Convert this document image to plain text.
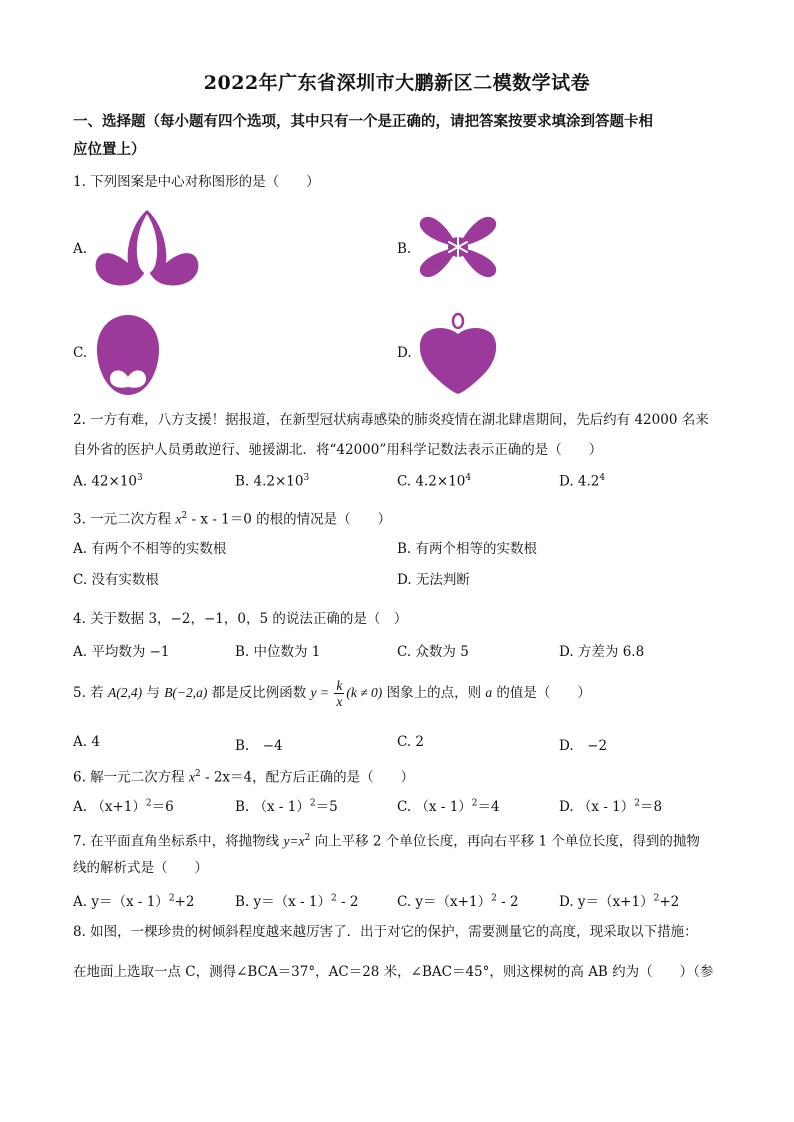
2022年广东省深圳市大鹏新区二模数学试卷
一、选择题（每小题有四个选项，其中只有一个是正确的，请把答案按要求填涂到答题卡相
应位置上）
1. 下列图案是中心对称图形的是（　　）
A.	B.
C.	D.
2. 一方有难，八方支援！据报道，在新型冠状病毒感染的肺炎疫情在湖北肆虐期间，先后约有 42000 名来
自外省的医护人员勇敢逆行、驰援湖北．将“42000”用科学记数法表示正确的是（　　）
A. $42\times 10^3$	B. $4.2\times 10^3$	C. $4.2\times 10^4$	D. $4.2^4$
3. 一元二次方程 $x^2 - x - 1=0$ 的根的情况是（　　）
A. 有两个不相等的实数根	B. 有两个相等的实数根
C. 没有实数根	D. 无法判断
4. 关于数据 3，−2，−1，0，5 的说法正确的是（　）
A. 平均数为 −1	B. 中位数为 1	C. 众数为 5	D. 方差为 6.8
5. 若 A(2,4) 与 B(−2,a) 都是反比例函数 $y = \frac{k}{x} (k \ne 0)$ 图象上的点，则 a 的值是（　　）
A. 4	B.　−4	C. 2	D.　−2
6. 解一元二次方程 $x^2 - 2x=4$，配方后正确的是（　　）
A. $(x+1)^2=6$	B. （x - 1）$^2$＝5	C. （x - 1）$^2$＝4	D. （x - 1）$^2$＝8
7. 在平面直角坐标系中，将抛物线 $y=x^2$ 向上平移 2 个单位长度，再向右平移 1 个单位长度，得到的抛物
线的解析式是（　　）
A. y＝（x - 1）$^2$+2	B. y＝（x - 1）$^2$ - 2	C. $y=(x+1)^2 - 2$	D. $y=(x+1)^2+2$
8. 如图，一棵珍贵的树倾斜程度越来越厉害了．出于对它的保护，需要测量它的高度，现采取以下措施：
在地面上选取一点 C，测得∠BCA＝37°，AC＝28 米，∠BAC＝45°，则这棵树的高 AB 约为（　　）（参
